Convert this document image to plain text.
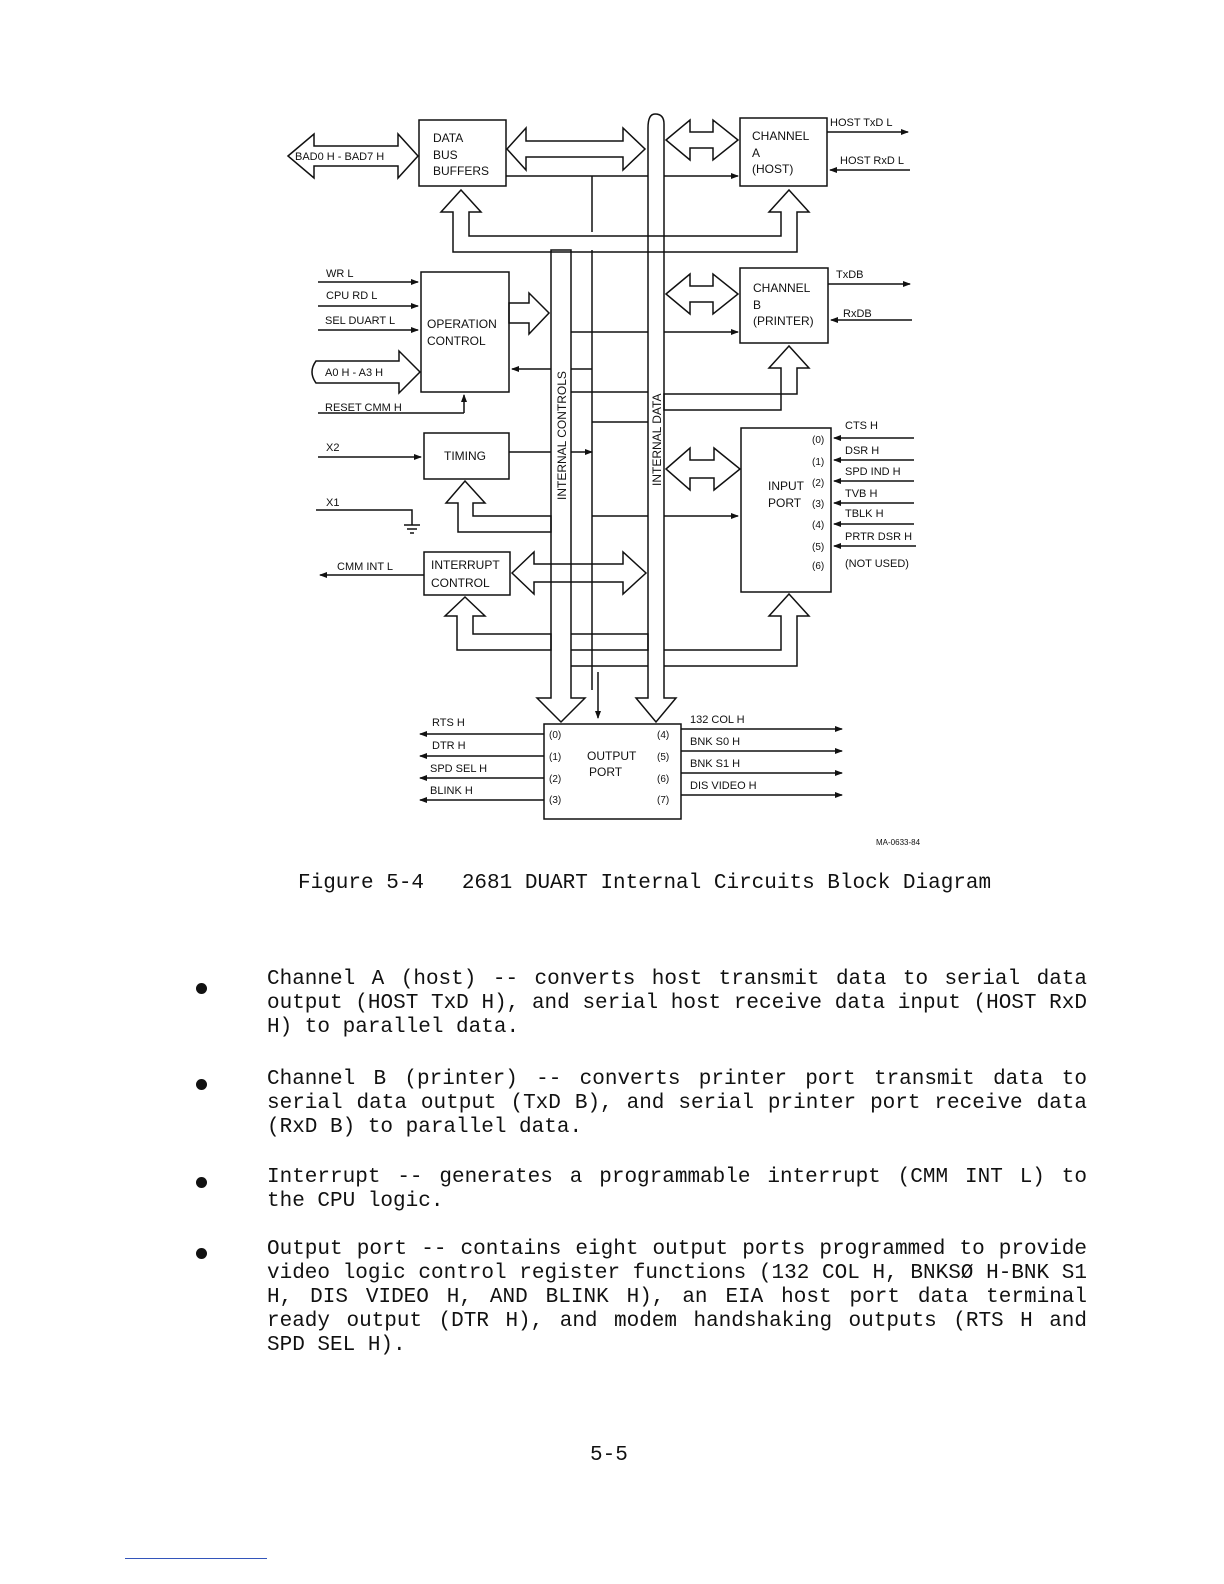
DATA
BUS
BUFFERS
CHANNEL
A
(HOST)
CHANNEL
B
(PRINTER)
OPERATION
CONTROL
TIMING
INTERRUPT
CONTROL
INPUT
PORT
OUTPUT
PORT
INTERNAL CONTROLS	INTERNAL DATA
BAD0 H - BAD7 H
HOST TxD L
HOST RxD L
WR L
CPU RD L
SEL DUART L
A0 H - A3 H
RESET CMM H
TxDB
RxDB
X2
X1
CMM INT L
CTS H
DSR H
SPD IND H
TVB H
TBLK H
PRTR DSR H
(NOT USED)
RTS H
DTR H
SPD SEL H
BLINK H
132 COL H
BNK S0 H
BNK S1 H
DIS VIDEO H
(0)
(1)
(2)
(3)
(4)
(5)
(6)
(0)
(1)
(2)
(3)
(4)
(5)
(6)
(7)
MA-0633-84
Figure 5-4   2681 DUART Internal Circuits Block Diagram
Channel A (host) -- converts host transmit data to serial data output (HOST TxD H), and serial host receive data input (HOST RxD H) to parallel data.
Channel B (printer) -- converts printer port transmit data to serial data output (TxD B), and serial printer port receive data (RxD B) to parallel data.
Interrupt -- generates a programmable interrupt (CMM INT L) to the CPU logic.
Output port -- contains eight output ports programmed to provide video logic control register functions (132 COL H, BNKSØ H-BNK S1 H, DIS VIDEO H, AND BLINK H), an EIA host port data terminal ready output (DTR H), and modem handshaking outputs (RTS H and SPD SEL H).
5-5
